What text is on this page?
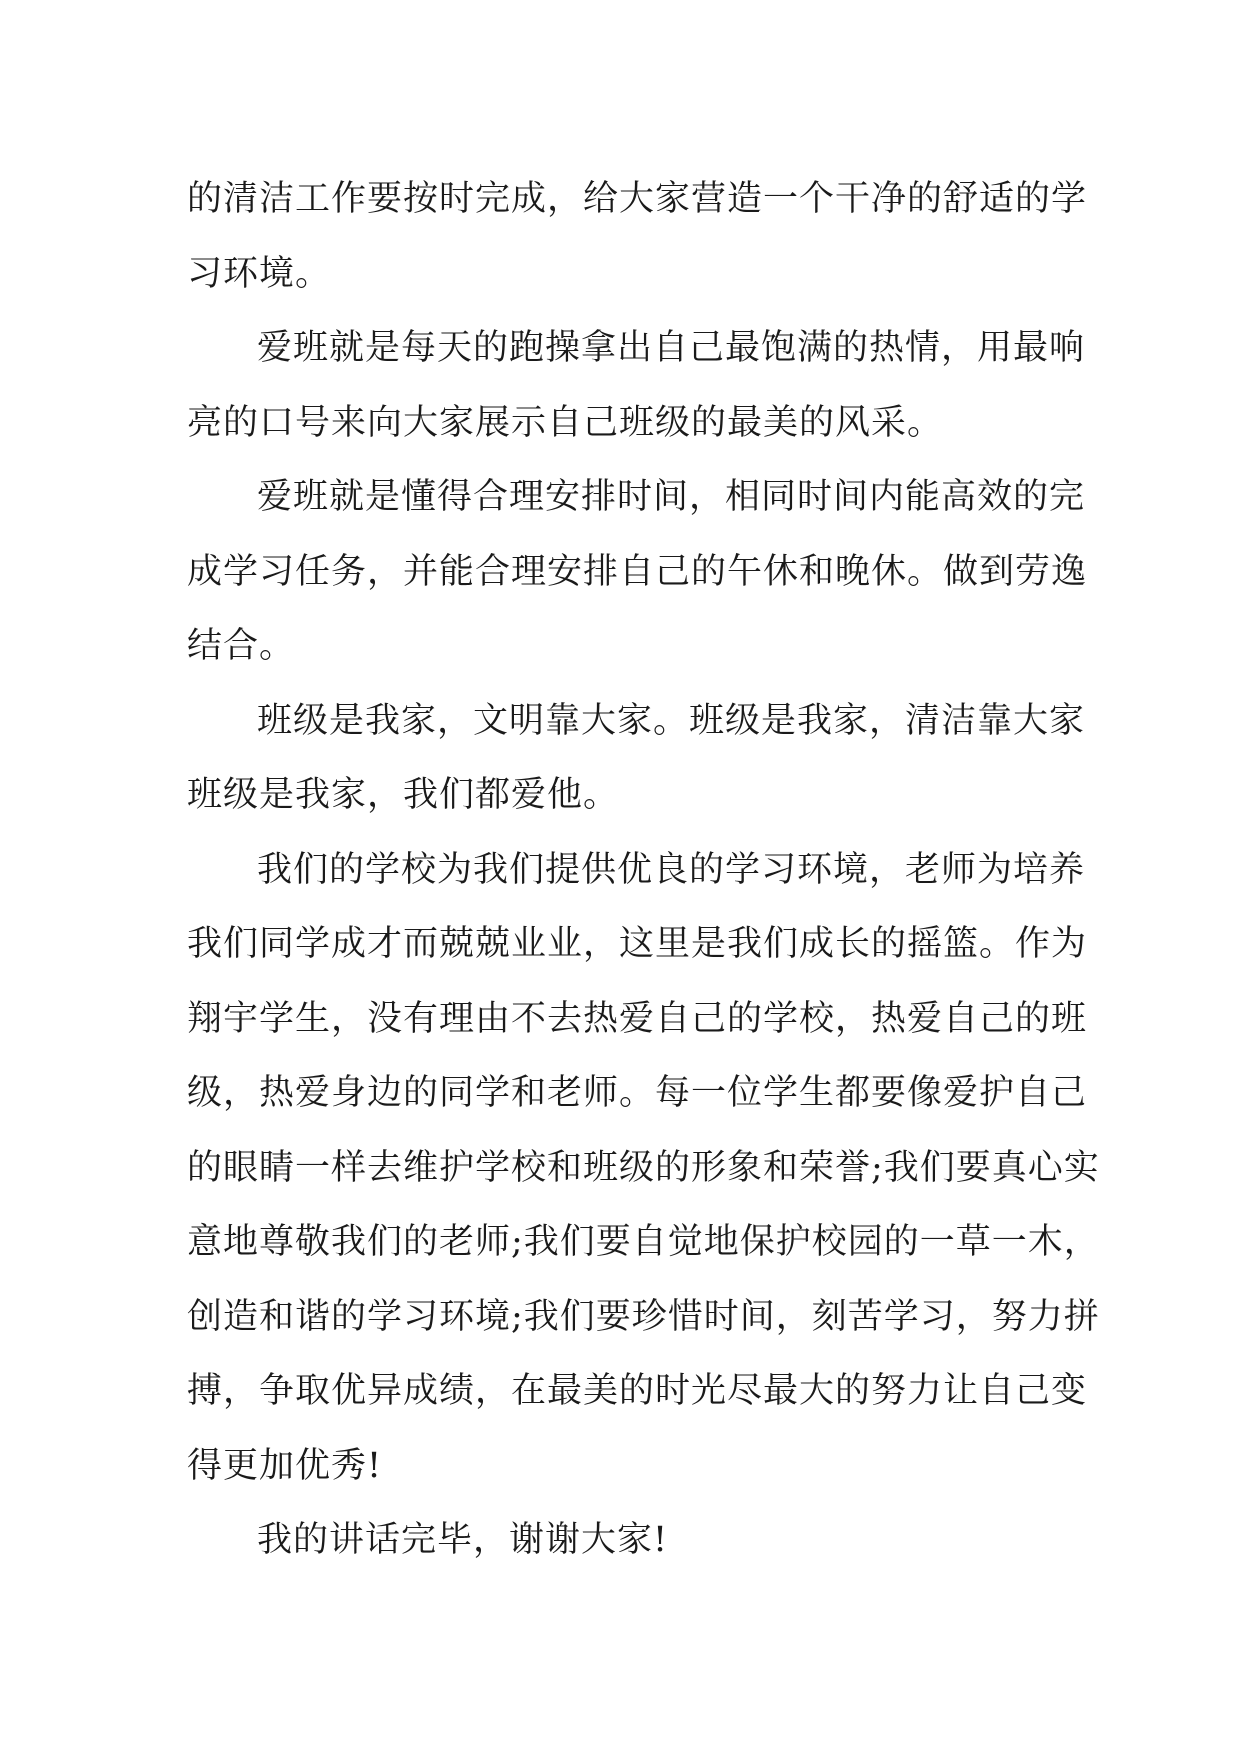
的清洁工作要按时完成，给大家营造一个干净的舒适的学
习环境。
爱班就是每天的跑操拿出自己最饱满的热情，用最响
亮的口号来向大家展示自己班级的最美的风采。
爱班就是懂得合理安排时间，相同时间内能高效的完
成学习任务，并能合理安排自己的午休和晚休。做到劳逸
结合。
班级是我家，文明靠大家。班级是我家，清洁靠大家
班级是我家，我们都爱他。
我们的学校为我们提供优良的学习环境，老师为培养
我们同学成才而兢兢业业，这里是我们成长的摇篮。作为
翔宇学生，没有理由不去热爱自己的学校，热爱自己的班
级，热爱身边的同学和老师。每一位学生都要像爱护自己
的眼睛一样去维护学校和班级的形象和荣誉;我们要真心实
意地尊敬我们的老师;我们要自觉地保护校园的一草一木，
创造和谐的学习环境;我们要珍惜时间，刻苦学习，努力拼
搏，争取优异成绩，在最美的时光尽最大的努力让自己变
得更加优秀!
我的讲话完毕，谢谢大家!
